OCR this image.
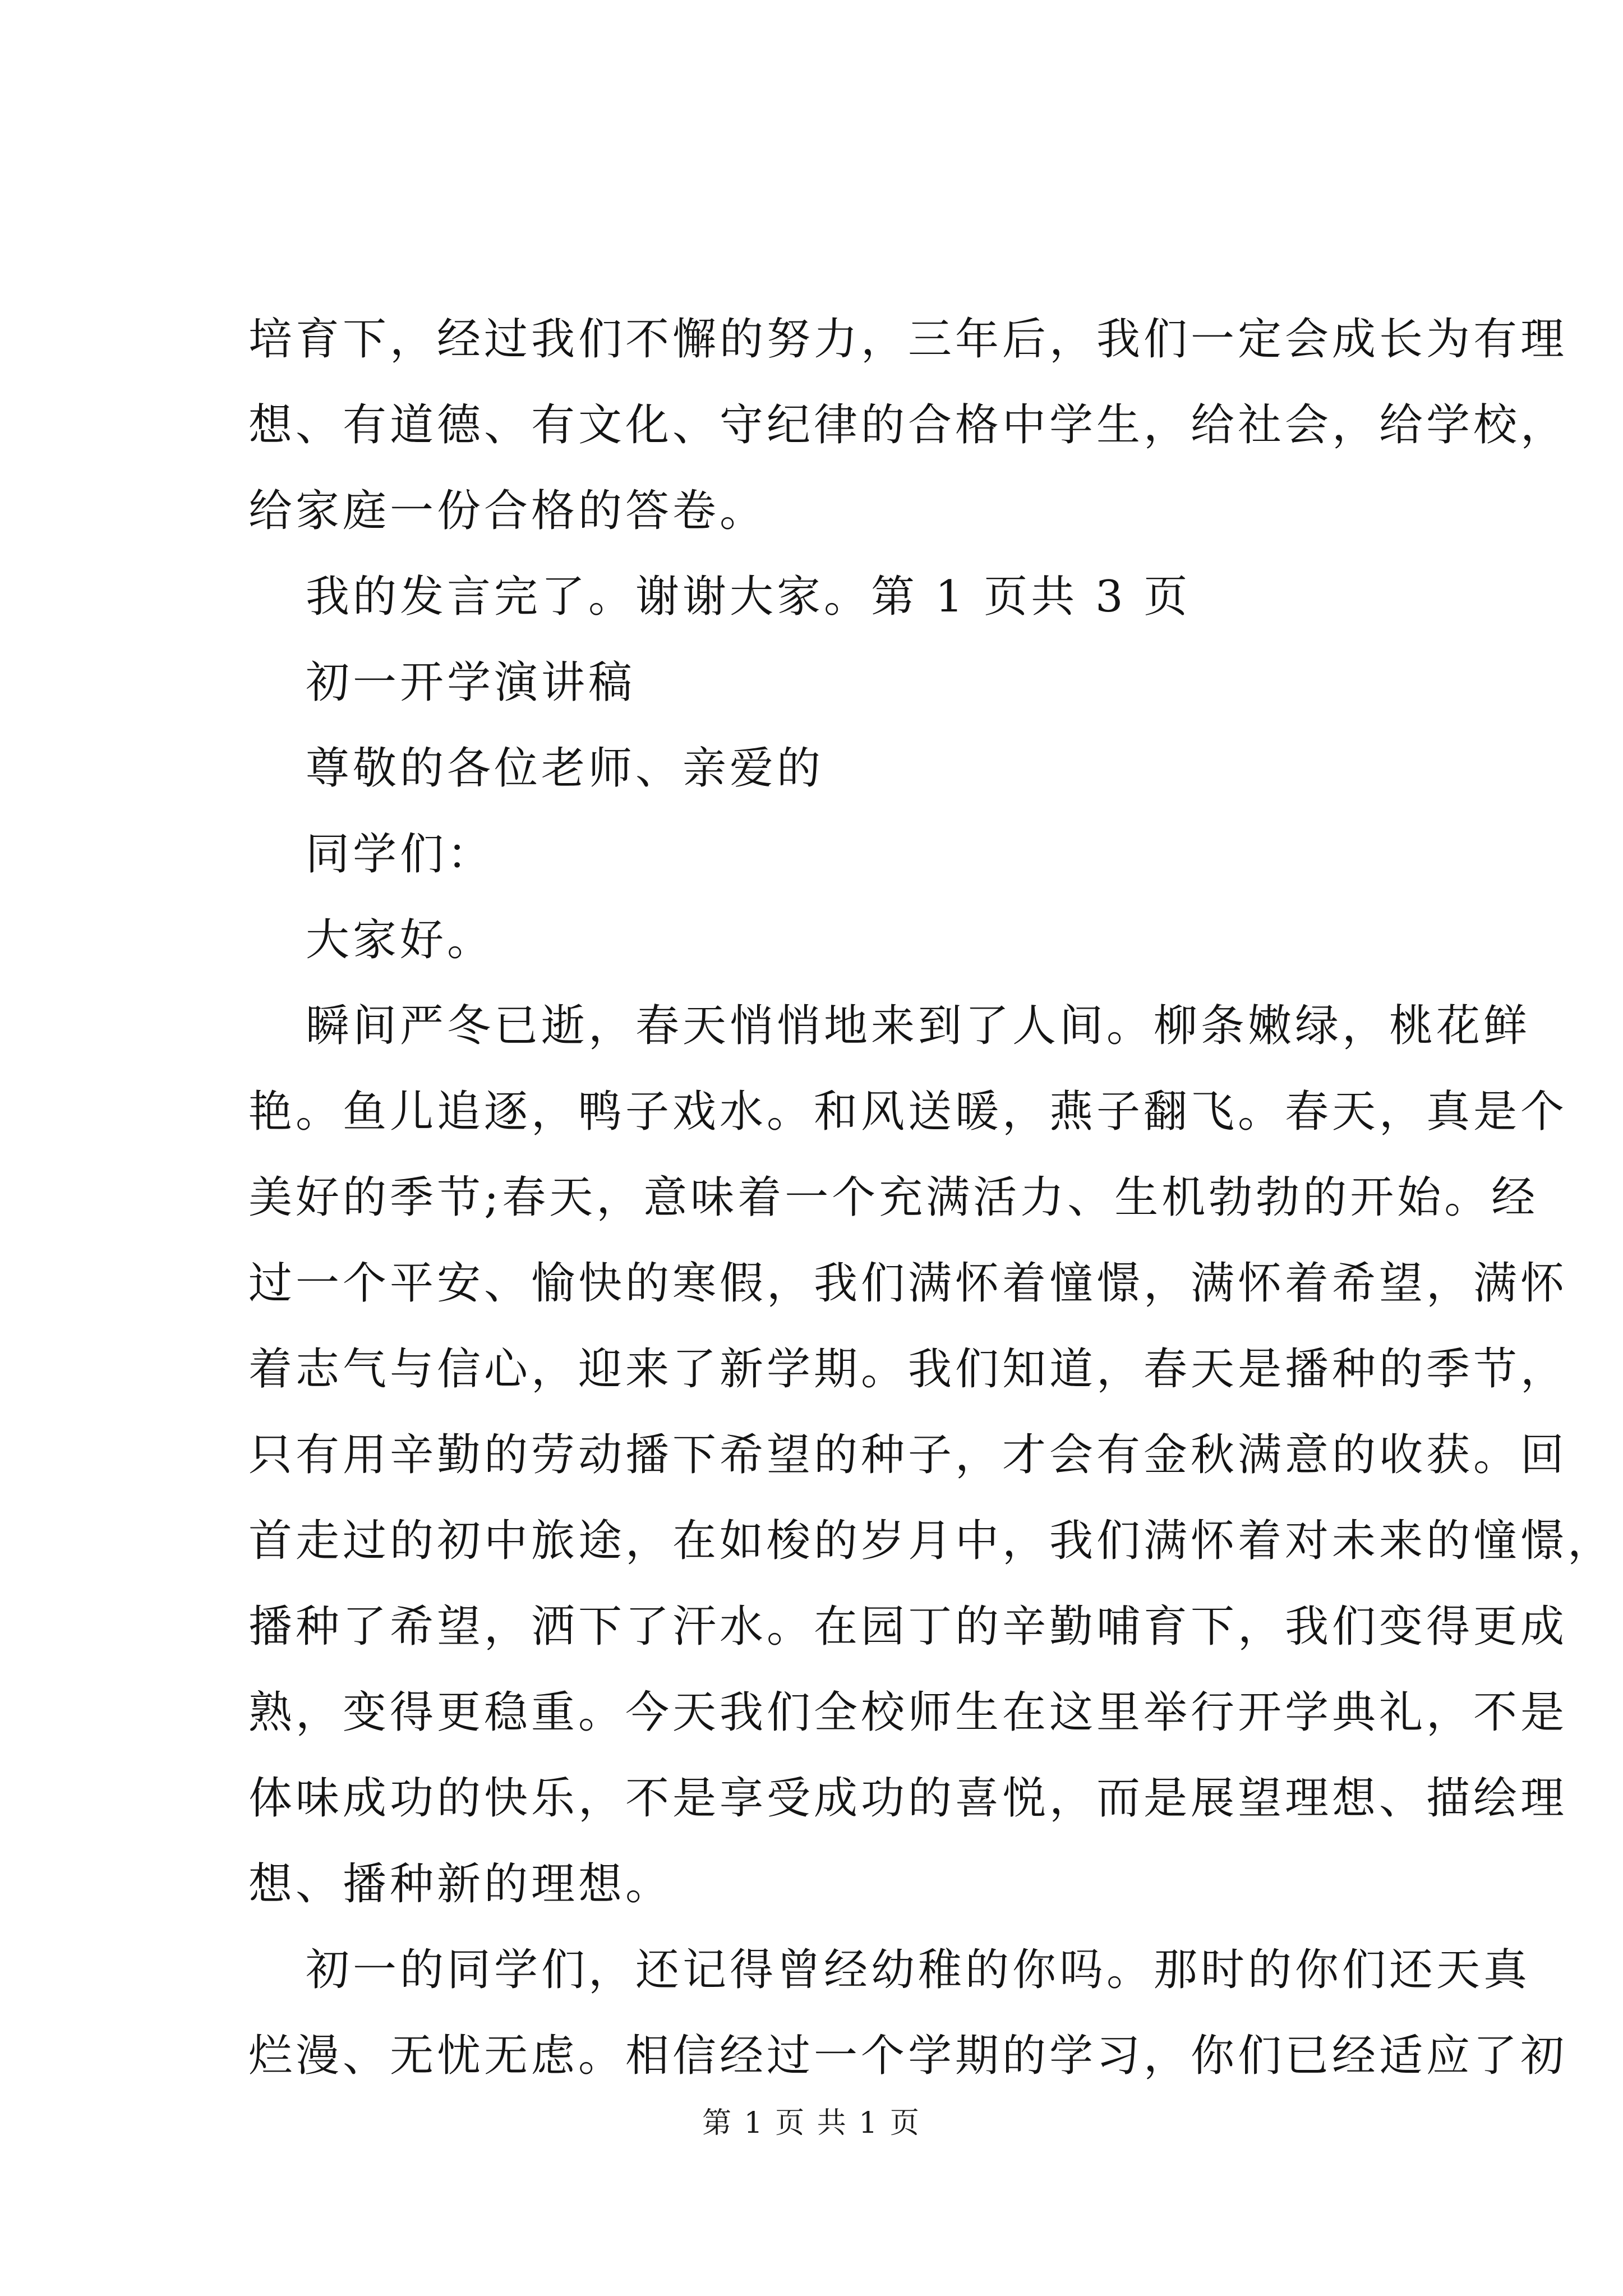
培育下，经过我们不懈的努力，三年后，我们一定会成长为有理
想、有道德、有文化、守纪律的合格中学生，给社会，给学校，
给家庭一份合格的答卷。
我的发言完了。谢谢大家。第 1 页共 3 页
初一开学演讲稿
尊敬的各位老师、亲爱的
同学们：
大家好。
瞬间严冬已逝，春天悄悄地来到了人间。柳条嫩绿，桃花鲜
艳。鱼儿追逐，鸭子戏水。和风送暖，燕子翻飞。春天，真是个
美好的季节;春天，意味着一个充满活力、生机勃勃的开始。经
过一个平安、愉快的寒假，我们满怀着憧憬，满怀着希望，满怀
着志气与信心，迎来了新学期。我们知道，春天是播种的季节，
只有用辛勤的劳动播下希望的种子，才会有金秋满意的收获。回
首走过的初中旅途，在如梭的岁月中，我们满怀着对未来的憧憬，
播种了希望，洒下了汗水。在园丁的辛勤哺育下，我们变得更成
熟，变得更稳重。今天我们全校师生在这里举行开学典礼，不是
体味成功的快乐，不是享受成功的喜悦，而是展望理想、描绘理
想、播种新的理想。
初一的同学们，还记得曾经幼稚的你吗。那时的你们还天真
烂漫、无忧无虑。相信经过一个学期的学习，你们已经适应了初
第 1 页 共 1 页
